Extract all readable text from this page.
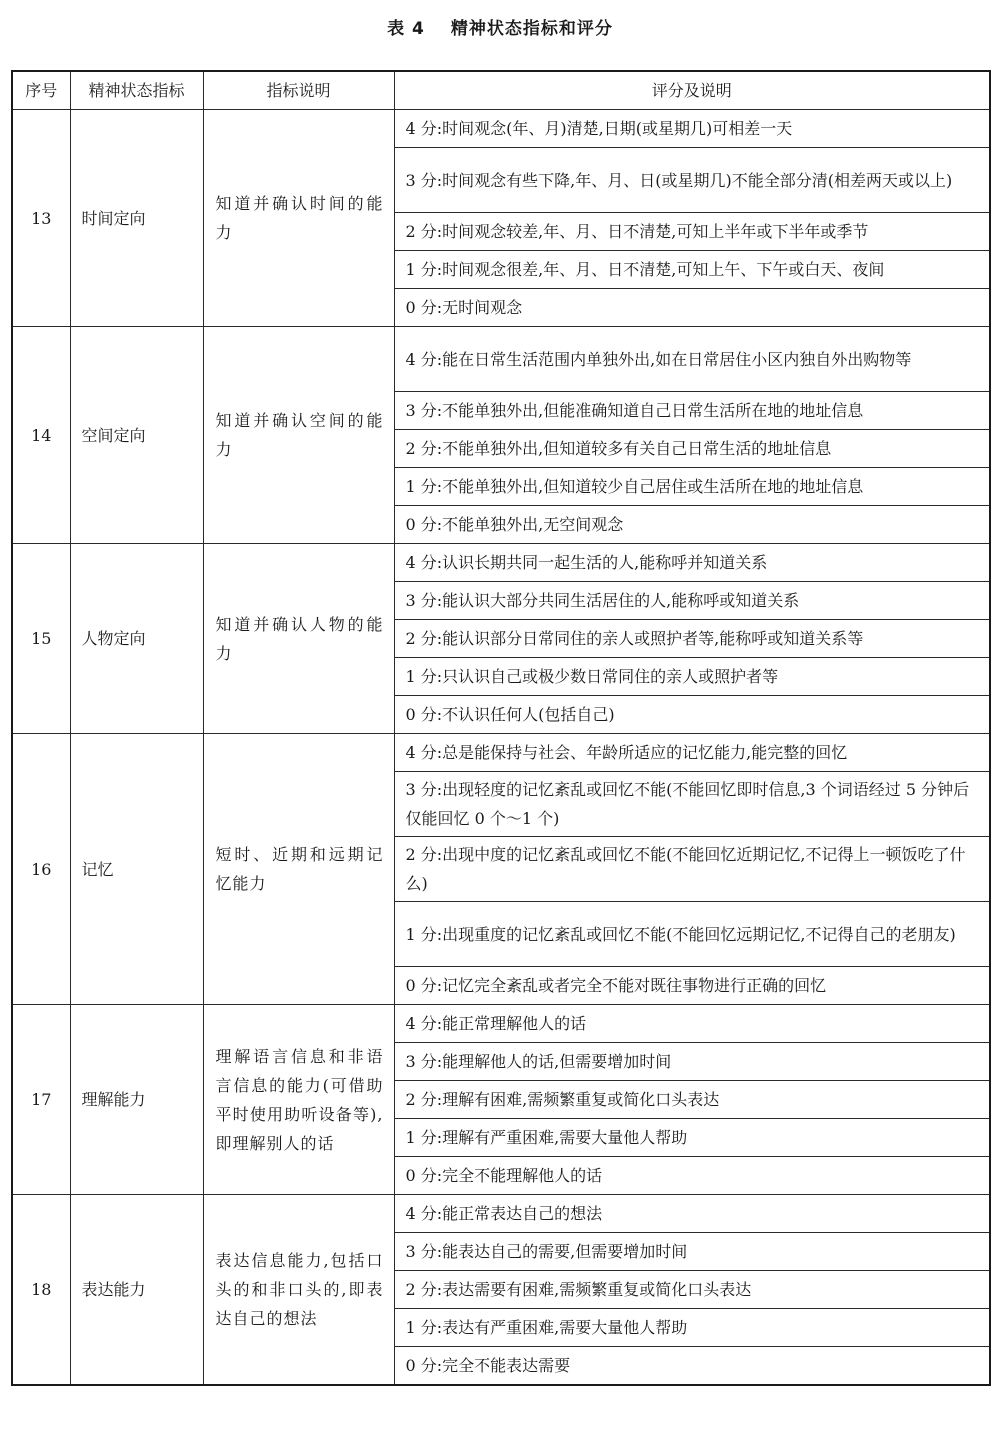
表 4 精神状态指标和评分
序号	精神状态指标	指标说明	评分及说明
13	时间定向	知道并确认时间的能力	4 分:时间观念(年、月)清楚,日期(或星期几)可相差一天
			3 分:时间观念有些下降,年、月、日(或星期几)不能全部分清(相差两天或以上)
			2 分:时间观念较差,年、月、日不清楚,可知上半年或下半年或季节
			1 分:时间观念很差,年、月、日不清楚,可知上午、下午或白天、夜间
			0 分:无时间观念
14	空间定向	知道并确认空间的能力	4 分:能在日常生活范围内单独外出,如在日常居住小区内独自外出购物等
			3 分:不能单独外出,但能准确知道自己日常生活所在地的地址信息
			2 分:不能单独外出,但知道较多有关自己日常生活的地址信息
			1 分:不能单独外出,但知道较少自己居住或生活所在地的地址信息
			0 分:不能单独外出,无空间观念
15	人物定向	知道并确认人物的能力	4 分:认识长期共同一起生活的人,能称呼并知道关系
			3 分:能认识大部分共同生活居住的人,能称呼或知道关系
			2 分:能认识部分日常同住的亲人或照护者等,能称呼或知道关系等
			1 分:只认识自己或极少数日常同住的亲人或照护者等
			0 分:不认识任何人(包括自己)
16	记忆	短时、近期和远期记忆能力	4 分:总是能保持与社会、年龄所适应的记忆能力,能完整的回忆
			3 分:出现轻度的记忆紊乱或回忆不能(不能回忆即时信息,3 个词语经过 5 分钟后仅能回忆 0 个～1 个)
			2 分:出现中度的记忆紊乱或回忆不能(不能回忆近期记忆,不记得上一顿饭吃了什么)
			1 分:出现重度的记忆紊乱或回忆不能(不能回忆远期记忆,不记得自己的老朋友)
			0 分:记忆完全紊乱或者完全不能对既往事物进行正确的回忆
17	理解能力	理解语言信息和非语言信息的能力(可借助平时使用助听设备等),即理解别人的话	4 分:能正常理解他人的话
			3 分:能理解他人的话,但需要增加时间
			2 分:理解有困难,需频繁重复或简化口头表达
			1 分:理解有严重困难,需要大量他人帮助
			0 分:完全不能理解他人的话
18	表达能力	表达信息能力,包括口头的和非口头的,即表达自己的想法	4 分:能正常表达自己的想法
			3 分:能表达自己的需要,但需要增加时间
			2 分:表达需要有困难,需频繁重复或简化口头表达
			1 分:表达有严重困难,需要大量他人帮助
			0 分:完全不能表达需要
